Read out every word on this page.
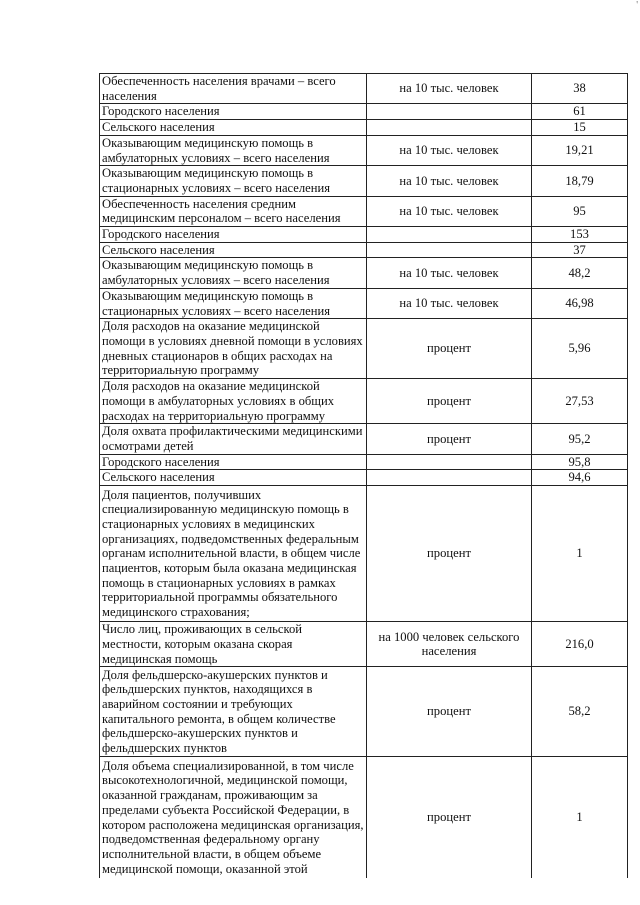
'
Обеспеченность населения врачами – всего населения	на 10 тыс. человек	38
Городского населения		61
Сельского населения		15
Оказывающим медицинскую помощь в амбулаторных условиях – всего населения	на 10 тыс. человек	19,21
Оказывающим медицинскую помощь в стационарных условиях – всего населения	на 10 тыс. человек	18,79
Обеспеченность населения средним медицинским персоналом – всего населения	на 10 тыс. человек	95
Городского населения		153
Сельского населения		37
Оказывающим медицинскую помощь в амбулаторных условиях – всего населения	на 10 тыс. человек	48,2
Оказывающим медицинскую помощь в стационарных условиях – всего населения	на 10 тыс. человек	46,98
Доля расходов на оказание медицинской помощи в условиях дневной помощи в условиях дневных стационаров в общих расходах на территориальную программу	процент	5,96
Доля расходов на оказание медицинской помощи в амбулаторных условиях в общих расходах на территориальную программу	процент	27,53
Доля охвата профилактическими медицинскими осмотрами детей	процент	95,2
Городского населения		95,8
Сельского населения		94,6
Доля пациентов, получивших специализированную медицинскую помощь в стационарных условиях в медицинских организациях, подведомственных федеральным органам исполнительной власти, в общем числе пациентов, которым была оказана медицинская помощь в стационарных условиях в рамках территориальной программы обязательного медицинского страхования;	процент	1
Число лиц, проживающих в сельской местности, которым оказана скорая медицинская помощь	на 1000 человек сельского населения	216,0
Доля фельдшерско-акушерских пунктов и фельдшерских пунктов, находящихся в аварийном состоянии и требующих капитального ремонта, в общем количестве фельдшерско-акушерских пунктов и фельдшерских пунктов	процент	58,2
Доля объема специализированной, в том числе высокотехнологичной, медицинской помощи, оказанной гражданам, проживающим за пределами субъекта Российской Федерации, в котором расположена медицинская организация, подведомственная федеральному органу исполнительной власти, в общем объеме медицинской помощи, оказанной этой	процент	1
